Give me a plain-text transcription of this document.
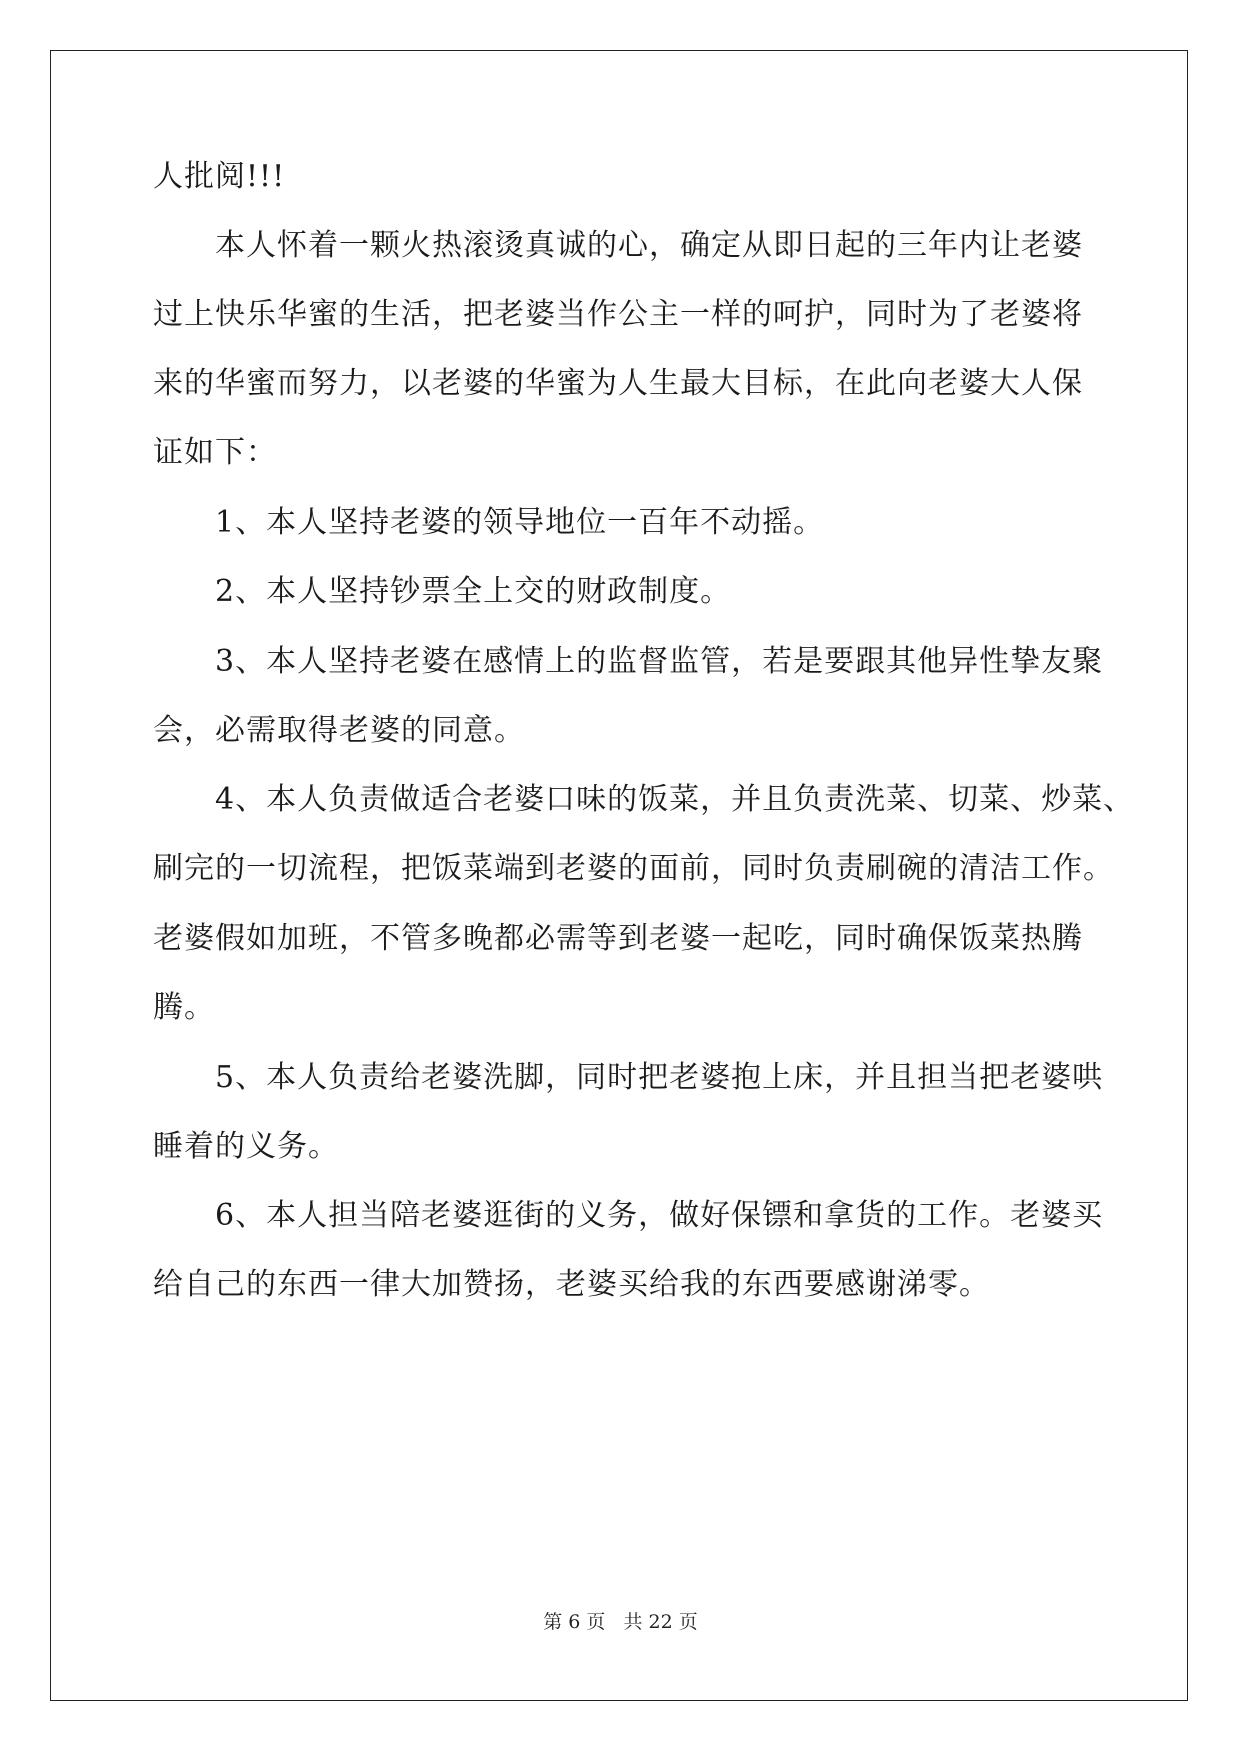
人批阅!!!
本人怀着一颗火热滚烫真诚的心，确定从即日起的三年内让老婆
过上快乐华蜜的生活，把老婆当作公主一样的呵护，同时为了老婆将
来的华蜜而努力，以老婆的华蜜为人生最大目标，在此向老婆大人保
证如下：
1、本人坚持老婆的领导地位一百年不动摇。
2、本人坚持钞票全上交的财政制度。
3、本人坚持老婆在感情上的监督监管，若是要跟其他异性挚友聚
会，必需取得老婆的同意。
4、本人负责做适合老婆口味的饭菜，并且负责洗菜、切菜、炒菜、
刷完的一切流程，把饭菜端到老婆的面前，同时负责刷碗的清洁工作。
老婆假如加班，不管多晚都必需等到老婆一起吃，同时确保饭菜热腾
腾。
5、本人负责给老婆洗脚，同时把老婆抱上床，并且担当把老婆哄
睡着的义务。
6、本人担当陪老婆逛街的义务，做好保镖和拿货的工作。老婆买
给自己的东西一律大加赞扬，老婆买给我的东西要感谢涕零。
第 6 页 共 22 页
